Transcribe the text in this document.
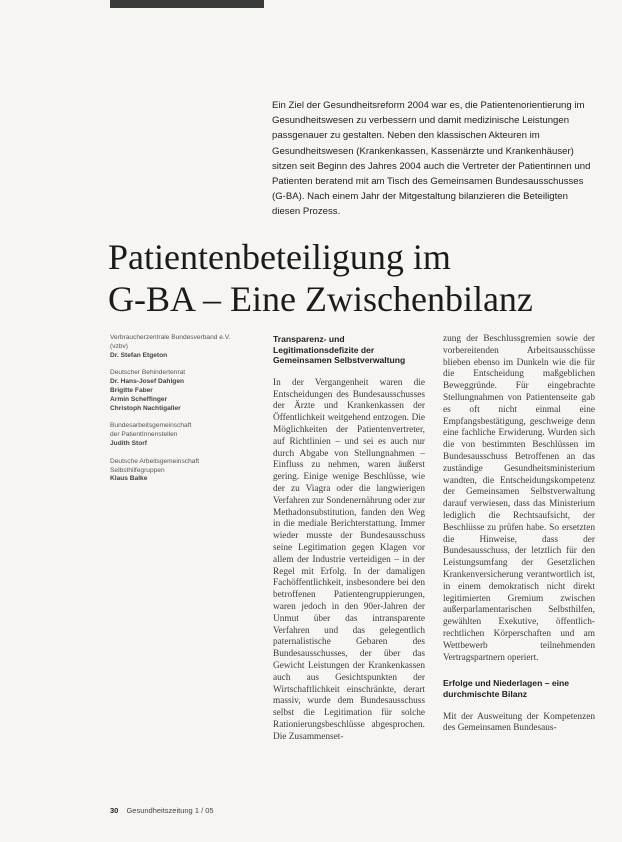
Ein Ziel der Gesundheitsreform 2004 war es, die Patientenorientierung im Gesundheitswesen zu verbessern und damit medizinische Leistungen passgenauer zu gestalten. Neben den klassischen Akteuren im Gesundheitswesen (Krankenkassen, Kassenärzte und Krankenhäuser) sitzen seit Beginn des Jahres 2004 auch die Vertreter der Patientinnen und Patienten beratend mit am Tisch des Gemeinsamen Bundesausschusses (G-BA). Nach einem Jahr der Mitgestaltung bilanzieren die Beteiligten diesen Prozess.

Patientenbeteiligung im
G-BA – Eine Zwischenbilanz
Verbraucherzentrale Bundesverband e.V.
(vzbv)
Dr. Stefan Etgeton
Deutscher Behindertenrat
Dr. Hans-Josef Dahlgen
Brigitte Faber
Armin Scheffinger
Christoph Nachtigaller
Bundesarbeitsgemeinschaft
der PatientInnenstellen
Judith Storf
Deutsche Arbeitsgemeinschaft
Selbsthilfegruppen
Klaus Balke
Transparenz- und Legitimationsdefizite der Gemeinsamen Selbstverwaltung

In der Vergangenheit waren die Entscheidungen des Bundesausschusses der Ärzte und Krankenkassen der Öffentlichkeit weitgehend entzogen. Die Möglichkeiten der Patientenvertreter, auf Richtlinien – und sei es auch nur durch Abgabe von Stellungnahmen – Einfluss zu nehmen, waren äußerst gering. Einige wenige Beschlüsse, wie der zu Viagra oder die langwierigen Verfahren zur Sondenernährung oder zur Methadonsubstitution, fanden den Weg in die mediale Berichterstattung. Immer wieder musste der Bundesausschuss seine Legitimation gegen Klagen vor allem der Industrie verteidigen – in der Regel mit Erfolg. In der damaligen Fachöffentlichkeit, insbesondere bei den betroffenen Patientengruppierungen, waren jedoch in den 90er-Jahren der Unmut über das intransparente Verfahren und das gelegentlich paternalistische Gebaren des Bundesausschusses, der über das Gewicht Leistungen der Krankenkassen auch aus Gesichtspunkten der Wirtschaftlichkeit einschränkte, derart massiv, wurde dem Bundesausschuss selbst die Legitimation für solche Rationierungsbeschlüsse abgesprochen. Die Zusammenset-

zung der Beschlussgremien sowie der vorbereitenden Arbeitsausschüsse blieben ebenso im Dunkeln wie die für die Entscheidung maßgeblichen Beweggründe. Für eingebrachte Stellungnahmen von Patientenseite gab es oft nicht einmal eine Empfangsbestätigung, geschweige denn eine fachliche Erwiderung. Wurden sich die von bestimmten Beschlüssen im Bundesausschuss Betroffenen an das zuständige Gesundheitsministerium wandten, die Entscheidungskompetenz der Gemeinsamen Selbstverwaltung darauf verwiesen, dass das Ministerium lediglich die Rechtsaufsicht, der Beschlüsse zu prüfen habe. So ersetzten die Hinweise, dass der Bundesausschuss, der letztlich für den Leistungsumfang der Gesetzlichen Krankenversicherung verantwortlich ist, in einem demokratisch nicht direkt legitimierten Gremium zwischen außerparlamentarischen Selbsthilfen, gewählten Exekutive, öffentlich-rechtlichen Körperschaften und am Wettbewerb teilnehmenden Vertragspartnern operiert.

Erfolge und Niederlagen – eine durchmischte Bilanz

Mit der Ausweitung der Kompetenzen des Gemeinsamen Bundesaus-

30 Gesundheitszeitung 1 / 05
